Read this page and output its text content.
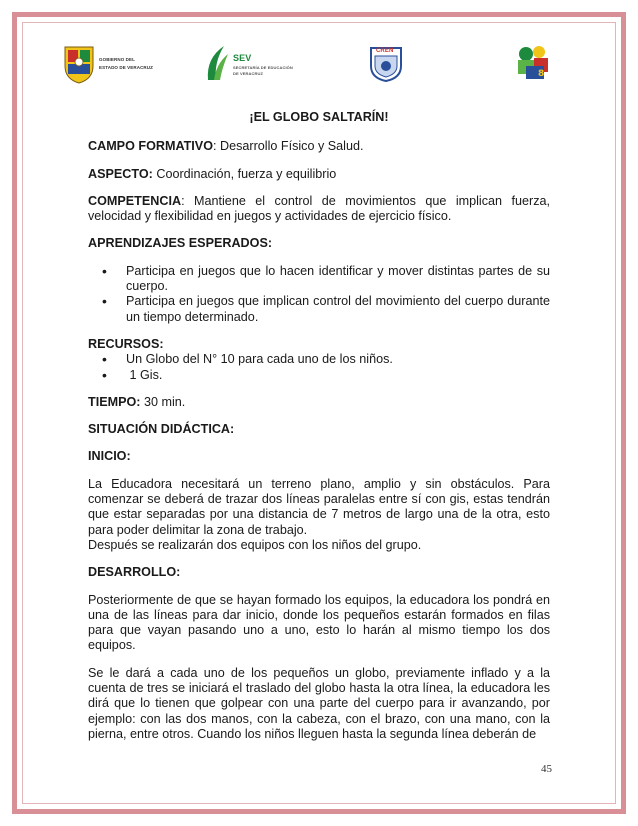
GOBIERNO DEL
ESTADO DE VERACRUZ
SEV
SECRETARÍA DE EDUCACIÓN
DE VERACRUZ
CREN
8

¡EL GLOBO SALTARÍN!

CAMPO FORMATIVO: Desarrollo Físico y Salud.

ASPECTO: Coordinación, fuerza y equilibrio

COMPETENCIA: Mantiene el control de movimientos que implican fuerza, velocidad y flexibilidad en juegos y actividades de ejercicio físico.

APRENDIZAJES ESPERADOS:

• Participa en juegos que lo hacen identificar y mover distintas partes de su cuerpo.
• Participa en juegos que implican control del movimiento del cuerpo durante un tiempo determinado.

RECURSOS:

• Un Globo del N° 10 para cada uno de los niños.
•  1 Gis.

TIEMPO: 30 min.

SITUACIÓN DIDÁCTICA:

INICIO:

La Educadora necesitará un terreno plano, amplio y sin obstáculos. Para comenzar se deberá de trazar dos líneas paralelas entre sí con gis, estas tendrán que estar separadas por una distancia de 7 metros de largo una de la otra, esto para poder delimitar la zona de trabajo.

Después se realizarán dos equipos con los niños del grupo.

DESARROLLO:

Posteriormente de que se hayan formado los equipos, la educadora los pondrá en una de las líneas para dar inicio, donde los pequeños estarán formados en filas para que vayan pasando uno a uno, esto lo harán al mismo tiempo los dos equipos.

Se le dará a cada uno de los pequeños un globo, previamente inflado y a la cuenta de tres se iniciará el traslado del globo hasta la otra línea, la educadora les dirá que lo tienen que golpear con una parte del cuerpo para ir avanzando, por ejemplo: con las dos manos, con la cabeza, con el brazo, con una mano, con la pierna, entre otros. Cuando los niños lleguen hasta la segunda línea deberán de

45
